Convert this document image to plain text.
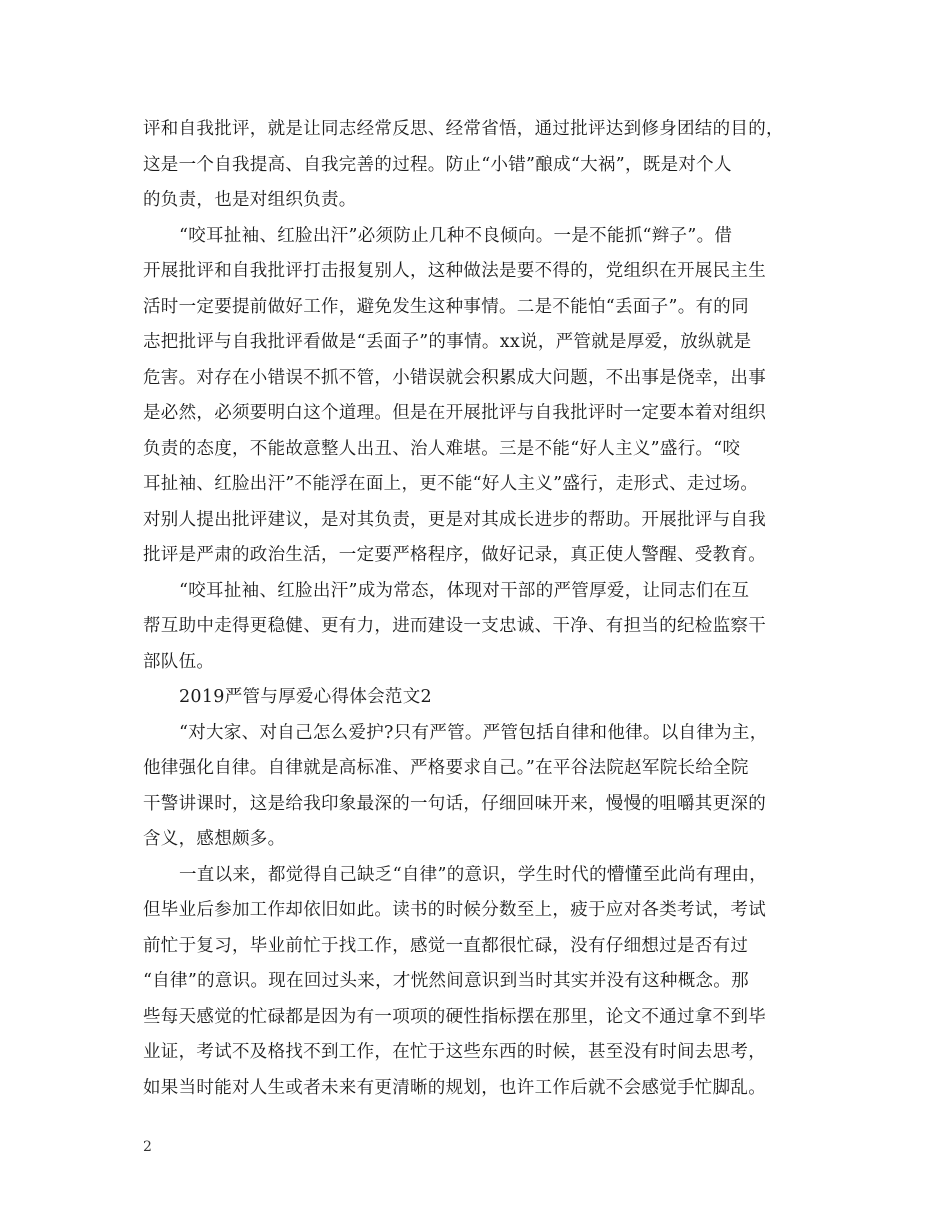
评和自我批评，就是让同志经常反思、经常省悟，通过批评达到修身团结的目的，
这是一个自我提高、自我完善的过程。防止“小错”酿成“大祸”，既是对个人
的负责，也是对组织负责。
“咬耳扯袖、红脸出汗”必须防止几种不良倾向。一是不能抓“辫子”。借
开展批评和自我批评打击报复别人，这种做法是要不得的，党组织在开展民主生
活时一定要提前做好工作，避免发生这种事情。二是不能怕“丢面子”。有的同
志把批评与自我批评看做是“丢面子”的事情。xx说，严管就是厚爱，放纵就是
危害。对存在小错误不抓不管，小错误就会积累成大问题，不出事是侥幸，出事
是必然，必须要明白这个道理。但是在开展批评与自我批评时一定要本着对组织
负责的态度，不能故意整人出丑、治人难堪。三是不能“好人主义”盛行。“咬
耳扯袖、红脸出汗”不能浮在面上，更不能“好人主义”盛行，走形式、走过场。
对别人提出批评建议，是对其负责，更是对其成长进步的帮助。开展批评与自我
批评是严肃的政治生活，一定要严格程序，做好记录，真正使人警醒、受教育。
“咬耳扯袖、红脸出汗”成为常态，体现对干部的严管厚爱，让同志们在互
帮互助中走得更稳健、更有力，进而建设一支忠诚、干净、有担当的纪检监察干
部队伍。
2019严管与厚爱心得体会范文2
“对大家、对自己怎么爱护?只有严管。严管包括自律和他律。以自律为主，
他律强化自律。自律就是高标准、严格要求自己。”在平谷法院赵军院长给全院
干警讲课时，这是给我印象最深的一句话，仔细回味开来，慢慢的咀嚼其更深的
含义，感想颇多。
一直以来，都觉得自己缺乏“自律”的意识，学生时代的懵懂至此尚有理由，
但毕业后参加工作却依旧如此。读书的时候分数至上，疲于应对各类考试，考试
前忙于复习，毕业前忙于找工作，感觉一直都很忙碌，没有仔细想过是否有过
“自律”的意识。现在回过头来，才恍然间意识到当时其实并没有这种概念。那
些每天感觉的忙碌都是因为有一项项的硬性指标摆在那里，论文不通过拿不到毕
业证，考试不及格找不到工作，在忙于这些东西的时候，甚至没有时间去思考，
如果当时能对人生或者未来有更清晰的规划，也许工作后就不会感觉手忙脚乱。
2
